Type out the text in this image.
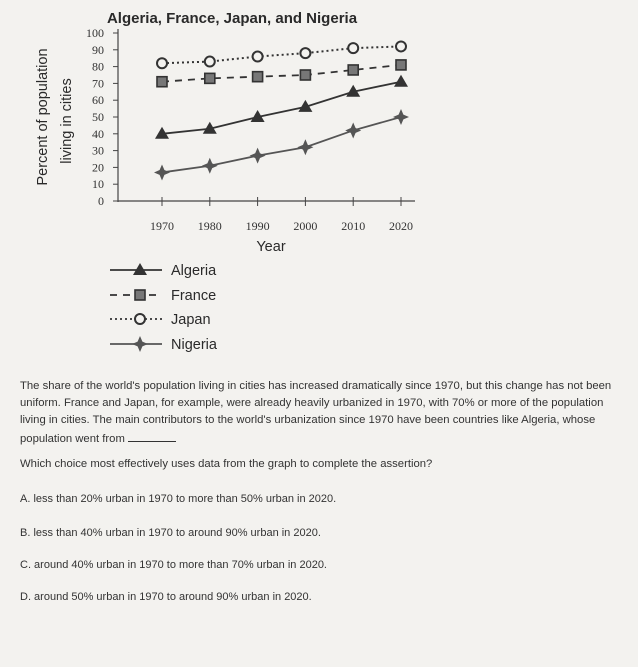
Algeria, France, Japan, and Nigeria
Percent of population living in cities
0
10
20
30
40
50
60
70
80
90
100
1970 1980 1990 2000 2010 2020
Year
Algeria
France
Japan
Nigeria

The share of the world's population living in cities has increased dramatically since 1970, but this change has not been uniform. France and Japan, for example, were already heavily urbanized in 1970, with 70% or more of the population living in cities. The main contributors to the world's urbanization since 1970 have been countries like Algeria, whose population went from

Which choice most effectively uses data from the graph to complete the assertion?

A. less than 20% urban in 1970 to more than 50% urban in 2020.

B. less than 40% urban in 1970 to around 90% urban in 2020.

C. around 40% urban in 1970 to more than 70% urban in 2020.

D. around 50% urban in 1970 to around 90% urban in 2020.
